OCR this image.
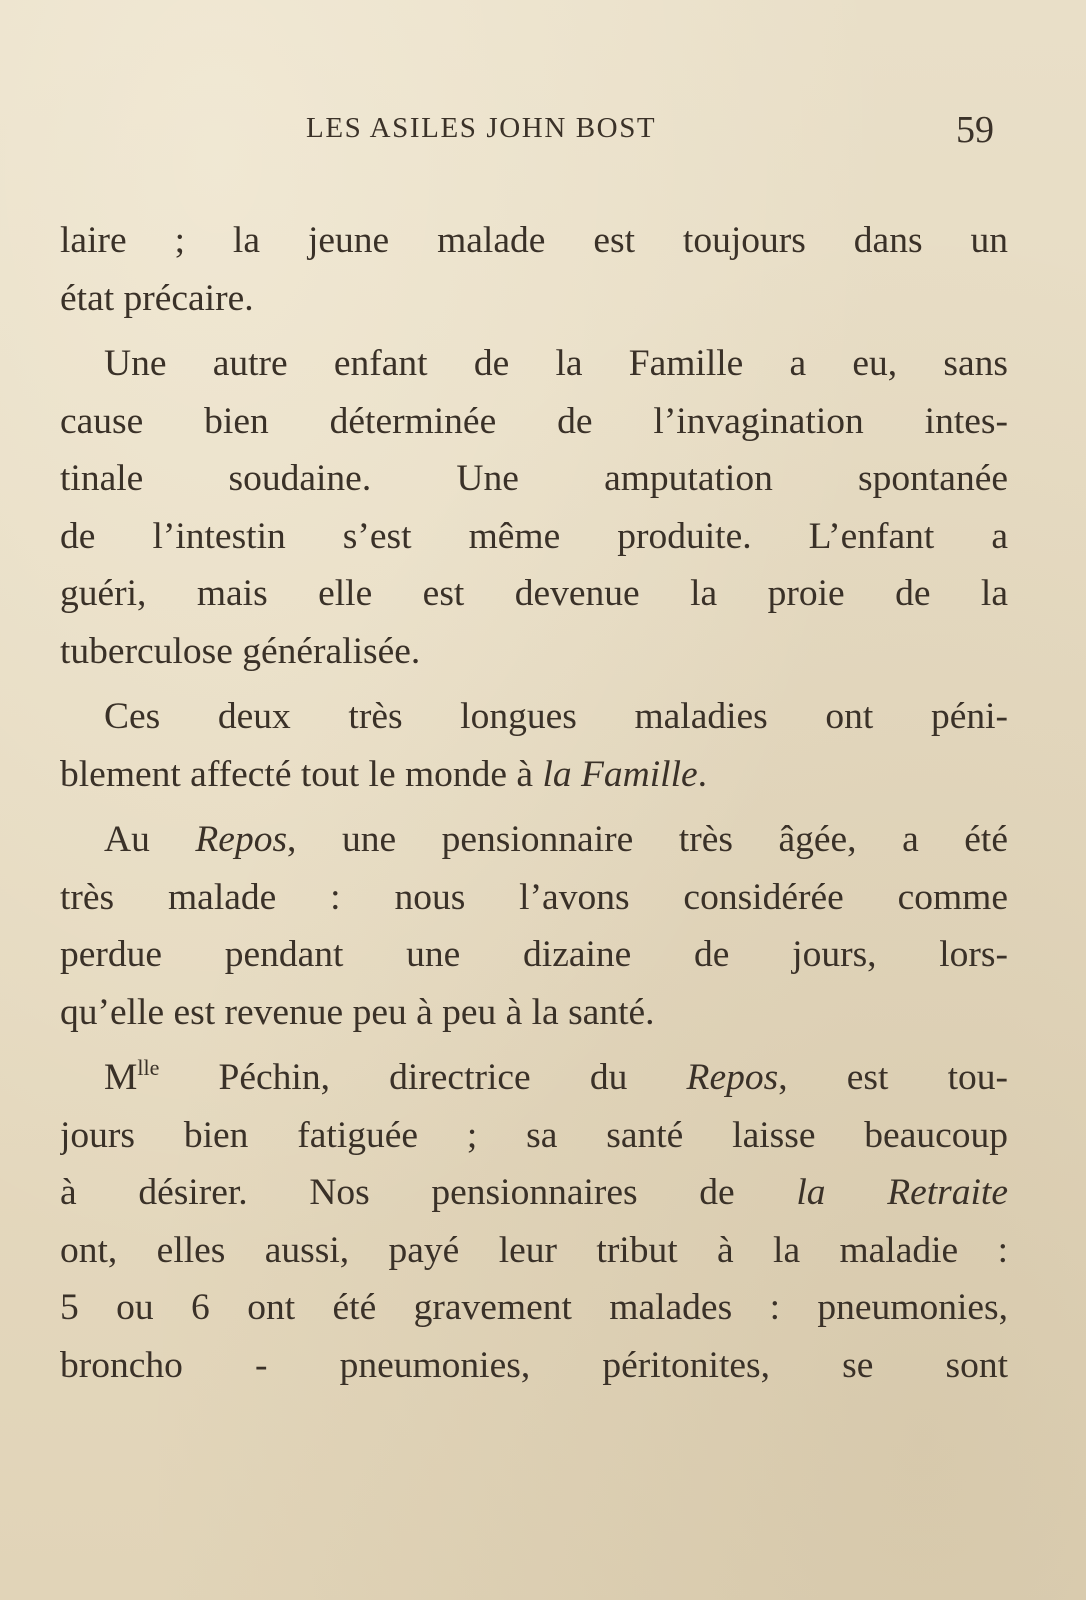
LES ASILES JOHN BOST	59
laire ; la jeune malade est toujours dans un
état précaire.
Une autre enfant de la Famille a eu, sans
cause bien déterminée de l’invagination intes-
tinale soudaine. Une amputation spontanée
de l’intestin s’est même produite. L’enfant a
guéri, mais elle est devenue la proie de la
tuberculose généralisée.
Ces deux très longues maladies ont péni-
blement affecté tout le monde à la Famille.
Au Repos, une pensionnaire très âgée, a été
très malade : nous l’avons considérée comme
perdue pendant une dizaine de jours, lors-
qu’elle est revenue peu à peu à la santé.
$M^{lle}$ Péchin, directrice du Repos, est tou-
jours bien fatiguée ; sa santé laisse beaucoup
à désirer. Nos pensionnaires de la Retraite
ont, elles aussi, payé leur tribut à la maladie :
5 ou 6 ont été gravement malades : pneumonies,
broncho - pneumonies, péritonites, se sont
